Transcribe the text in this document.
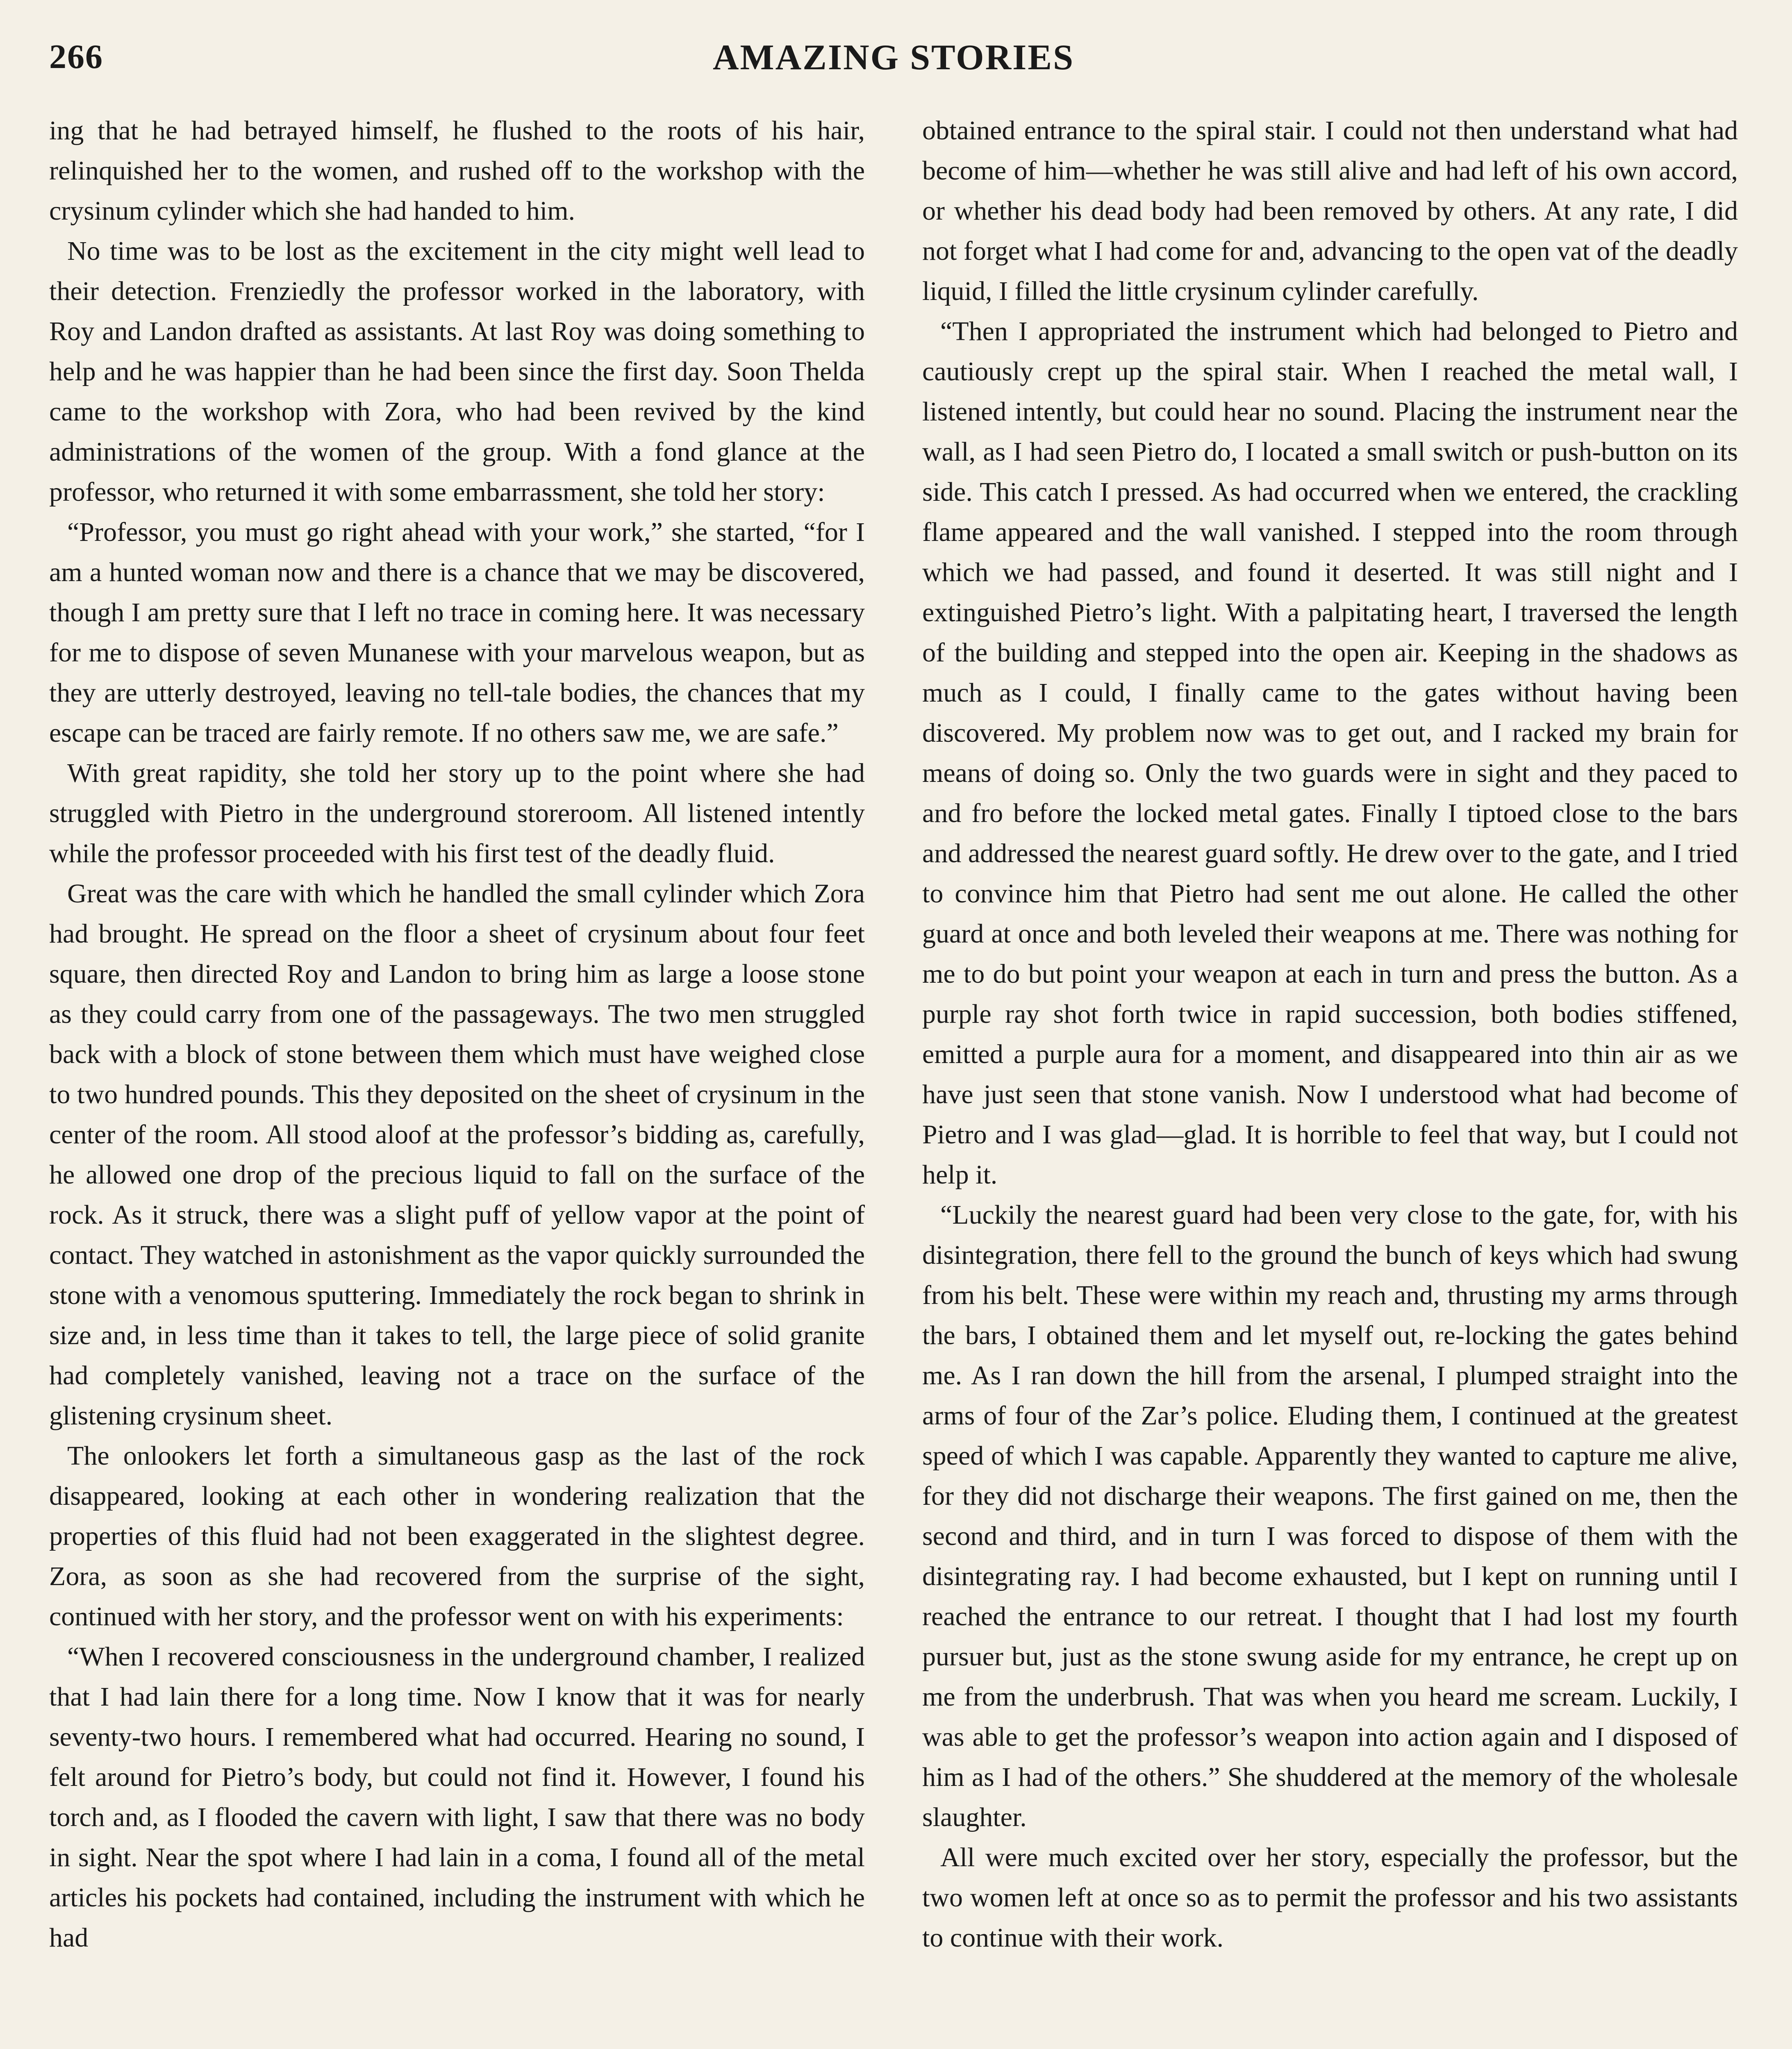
266	AMAZING STORIES

ing that he had betrayed himself, he flushed to the roots of his hair, relinquished her to the women, and rushed off to the workshop with the crysinum cylinder which she had handed to him.

No time was to be lost as the excitement in the city might well lead to their detection. Frenziedly the professor worked in the laboratory, with Roy and Landon drafted as assistants. At last Roy was doing something to help and he was happier than he had been since the first day. Soon Thelda came to the workshop with Zora, who had been revived by the kind administrations of the women of the group. With a fond glance at the professor, who returned it with some embarrassment, she told her story:

“Professor, you must go right ahead with your work,” she started, “for I am a hunted woman now and there is a chance that we may be discovered, though I am pretty sure that I left no trace in coming here. It was necessary for me to dispose of seven Munanese with your marvelous weapon, but as they are utterly destroyed, leaving no tell-tale bodies, the chances that my escape can be traced are fairly remote. If no others saw me, we are safe.”

With great rapidity, she told her story up to the point where she had struggled with Pietro in the underground storeroom. All listened intently while the professor proceeded with his first test of the deadly fluid.

Great was the care with which he handled the small cylinder which Zora had brought. He spread on the floor a sheet of crysinum about four feet square, then directed Roy and Landon to bring him as large a loose stone as they could carry from one of the passageways. The two men struggled back with a block of stone between them which must have weighed close to two hundred pounds. This they deposited on the sheet of crysinum in the center of the room. All stood aloof at the professor’s bidding as, carefully, he allowed one drop of the precious liquid to fall on the surface of the rock. As it struck, there was a slight puff of yellow vapor at the point of contact. They watched in astonishment as the vapor quickly surrounded the stone with a venomous sputtering. Immediately the rock began to shrink in size and, in less time than it takes to tell, the large piece of solid granite had completely vanished, leaving not a trace on the surface of the glistening crysinum sheet.

The onlookers let forth a simultaneous gasp as the last of the rock disappeared, looking at each other in wondering realization that the properties of this fluid had not been exaggerated in the slightest degree. Zora, as soon as she had recovered from the surprise of the sight, continued with her story, and the professor went on with his experiments:

“When I recovered consciousness in the underground chamber, I realized that I had lain there for a long time. Now I know that it was for nearly seventy-two hours. I remembered what had occurred. Hearing no sound, I felt around for Pietro’s body, but could not find it. However, I found his torch and, as I flooded the cavern with light, I saw that there was no body in sight. Near the spot where I had lain in a coma, I found all of the metal articles his pockets had contained, including the instrument with which he had

obtained entrance to the spiral stair. I could not then understand what had become of him—whether he was still alive and had left of his own accord, or whether his dead body had been removed by others. At any rate, I did not forget what I had come for and, advancing to the open vat of the deadly liquid, I filled the little crysinum cylinder carefully.

“Then I appropriated the instrument which had belonged to Pietro and cautiously crept up the spiral stair. When I reached the metal wall, I listened intently, but could hear no sound. Placing the instrument near the wall, as I had seen Pietro do, I located a small switch or push-button on its side. This catch I pressed. As had occurred when we entered, the crackling flame appeared and the wall vanished. I stepped into the room through which we had passed, and found it deserted. It was still night and I extinguished Pietro’s light. With a palpitating heart, I traversed the length of the building and stepped into the open air. Keeping in the shadows as much as I could, I finally came to the gates without having been discovered. My problem now was to get out, and I racked my brain for means of doing so. Only the two guards were in sight and they paced to and fro before the locked metal gates. Finally I tiptoed close to the bars and addressed the nearest guard softly. He drew over to the gate, and I tried to convince him that Pietro had sent me out alone. He called the other guard at once and both leveled their weapons at me. There was nothing for me to do but point your weapon at each in turn and press the button. As a purple ray shot forth twice in rapid succession, both bodies stiffened, emitted a purple aura for a moment, and disappeared into thin air as we have just seen that stone vanish. Now I understood what had become of Pietro and I was glad—glad. It is horrible to feel that way, but I could not help it.

“Luckily the nearest guard had been very close to the gate, for, with his disintegration, there fell to the ground the bunch of keys which had swung from his belt. These were within my reach and, thrusting my arms through the bars, I obtained them and let myself out, re-locking the gates behind me. As I ran down the hill from the arsenal, I plumped straight into the arms of four of the Zar’s police. Eluding them, I continued at the greatest speed of which I was capable. Apparently they wanted to capture me alive, for they did not discharge their weapons. The first gained on me, then the second and third, and in turn I was forced to dispose of them with the disintegrating ray. I had become exhausted, but I kept on running until I reached the entrance to our retreat. I thought that I had lost my fourth pursuer but, just as the stone swung aside for my entrance, he crept up on me from the underbrush. That was when you heard me scream. Luckily, I was able to get the professor’s weapon into action again and I disposed of him as I had of the others.” She shuddered at the memory of the wholesale slaughter.

All were much excited over her story, especially the professor, but the two women left at once so as to permit the professor and his two assistants to continue with their work.
